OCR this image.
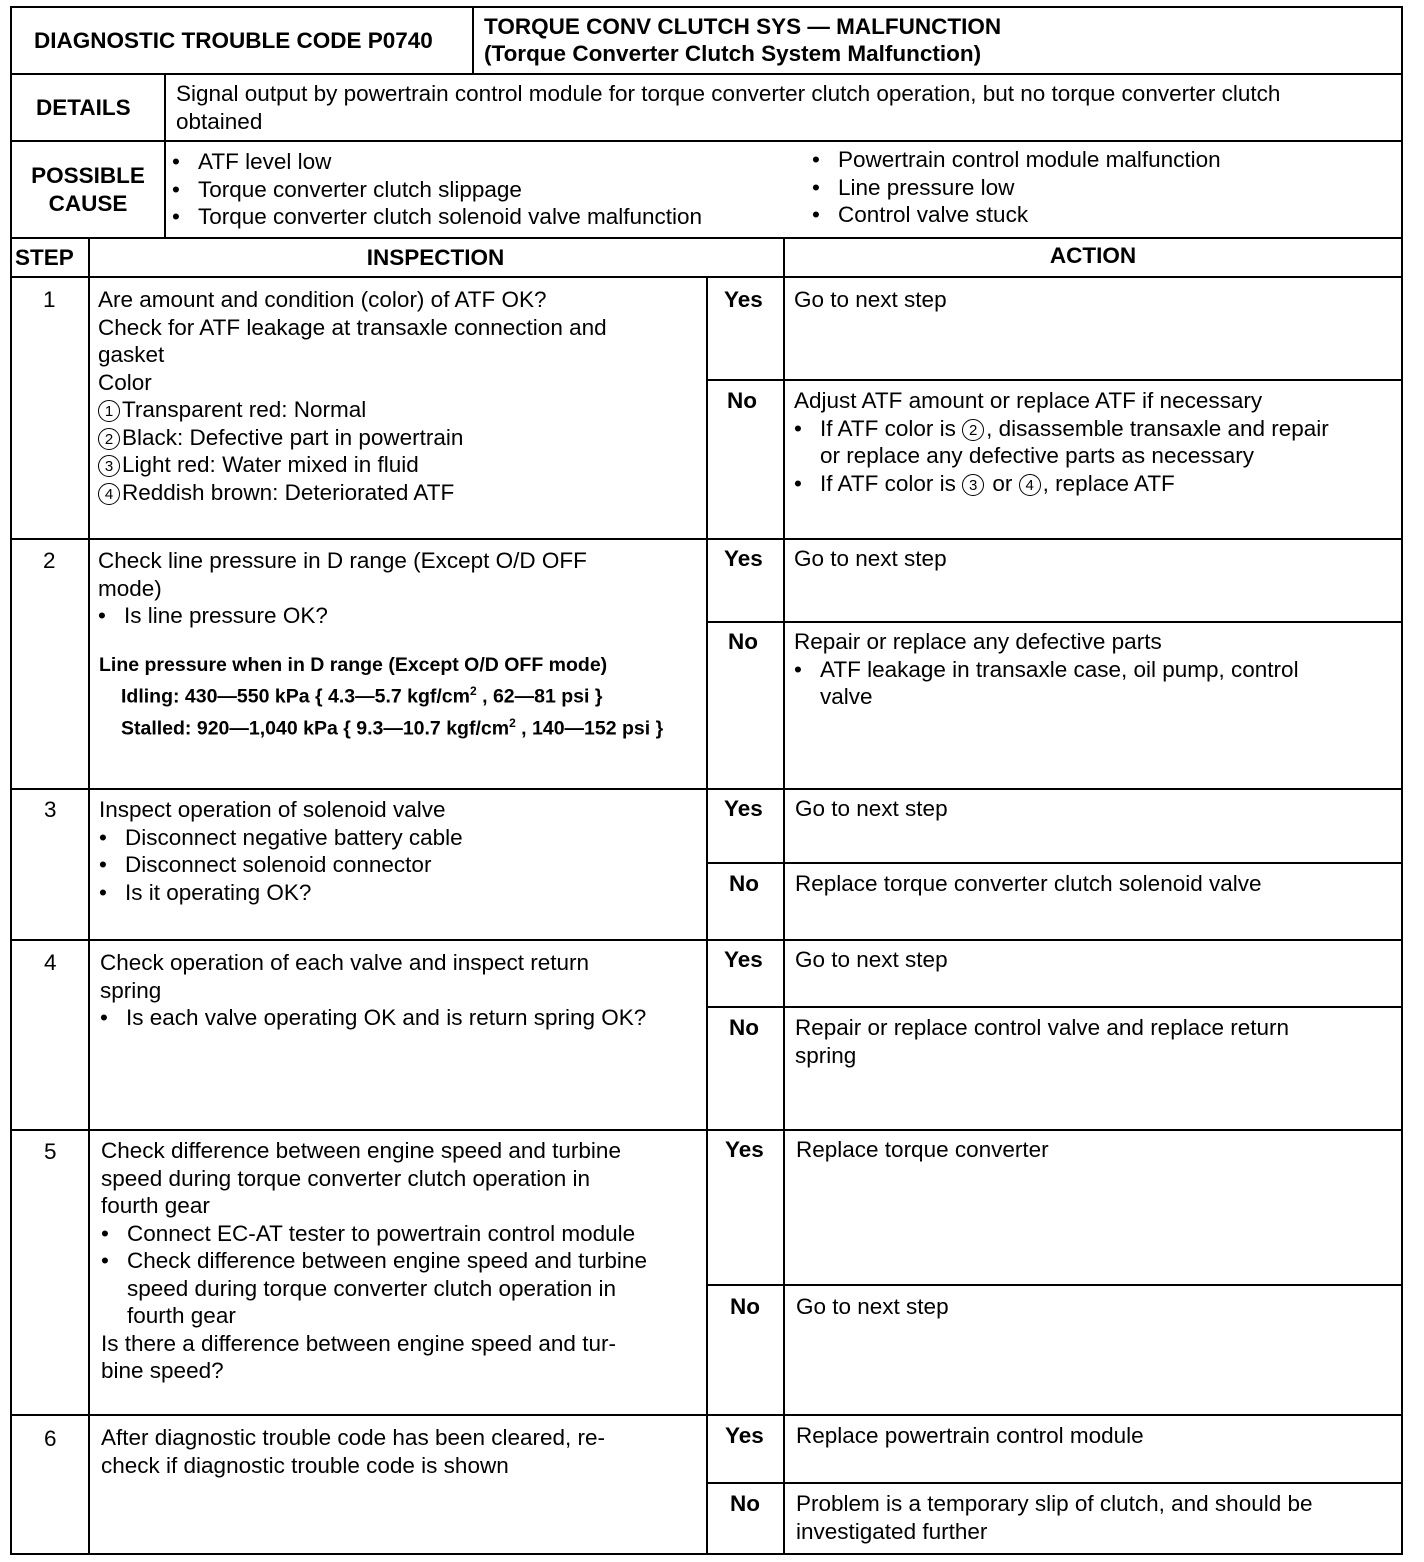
DIAGNOSTIC TROUBLE CODE P0740
TORQUE CONV CLUTCH SYS — MALFUNCTION
(Torque Converter Clutch System Malfunction)
DETAILS
Signal output by powertrain control module for torque converter clutch operation, but no torque converter clutch
obtained
POSSIBLE
CAUSE
• ATF level low
• Torque converter clutch slippage
• Torque converter clutch solenoid valve malfunction
• Powertrain control module malfunction
• Line pressure low
• Control valve stuck
STEP	INSPECTION	ACTION
1 Are amount and condition (color) of ATF OK?
Check for ATF leakage at transaxle connection and
gasket
Color
1 Transparent red: Normal
2 Black: Defective part in powertrain
3 Light red: Water mixed in fluid
4 Reddish brown: Deteriorated ATF
Yes Go to next step
No Adjust ATF amount or replace ATF if necessary
• If ATF color is 2 , disassemble transaxle and repair
or replace any defective parts as necessary
• If ATF color is 3 or 4 , replace ATF
2 Check line pressure in D range (Except O/D OFF
mode)
• Is line pressure OK?
Line pressure when in D range (Except O/D OFF mode)
Idling: 430—550 kPa { 4.3—5.7 kgf/$cm^2$ , 62—81 psi }
Stalled: 920—1,040 kPa { 9.3—10.7 kgf/$cm^2$ , 140—152 psi }
Yes Go to next step
No Repair or replace any defective parts
• ATF leakage in transaxle case, oil pump, control
valve
3 Inspect operation of solenoid valve
• Disconnect negative battery cable
• Disconnect solenoid connector
• Is it operating OK?
Yes Go to next step
No Replace torque converter clutch solenoid valve
4 Check operation of each valve and inspect return
spring
• Is each valve operating OK and is return spring OK?
Yes Go to next step
No Repair or replace control valve and replace return
spring
5 Check difference between engine speed and turbine
speed during torque converter clutch operation in
fourth gear
• Connect EC-AT tester to powertrain control module
• Check difference between engine speed and turbine
speed during torque converter clutch operation in
fourth gear
Is there a difference between engine speed and tur-
bine speed?
Yes Replace torque converter
No Go to next step
6 After diagnostic trouble code has been cleared, re-
check if diagnostic trouble code is shown
Yes Replace powertrain control module
No Problem is a temporary slip of clutch, and should be
investigated further
